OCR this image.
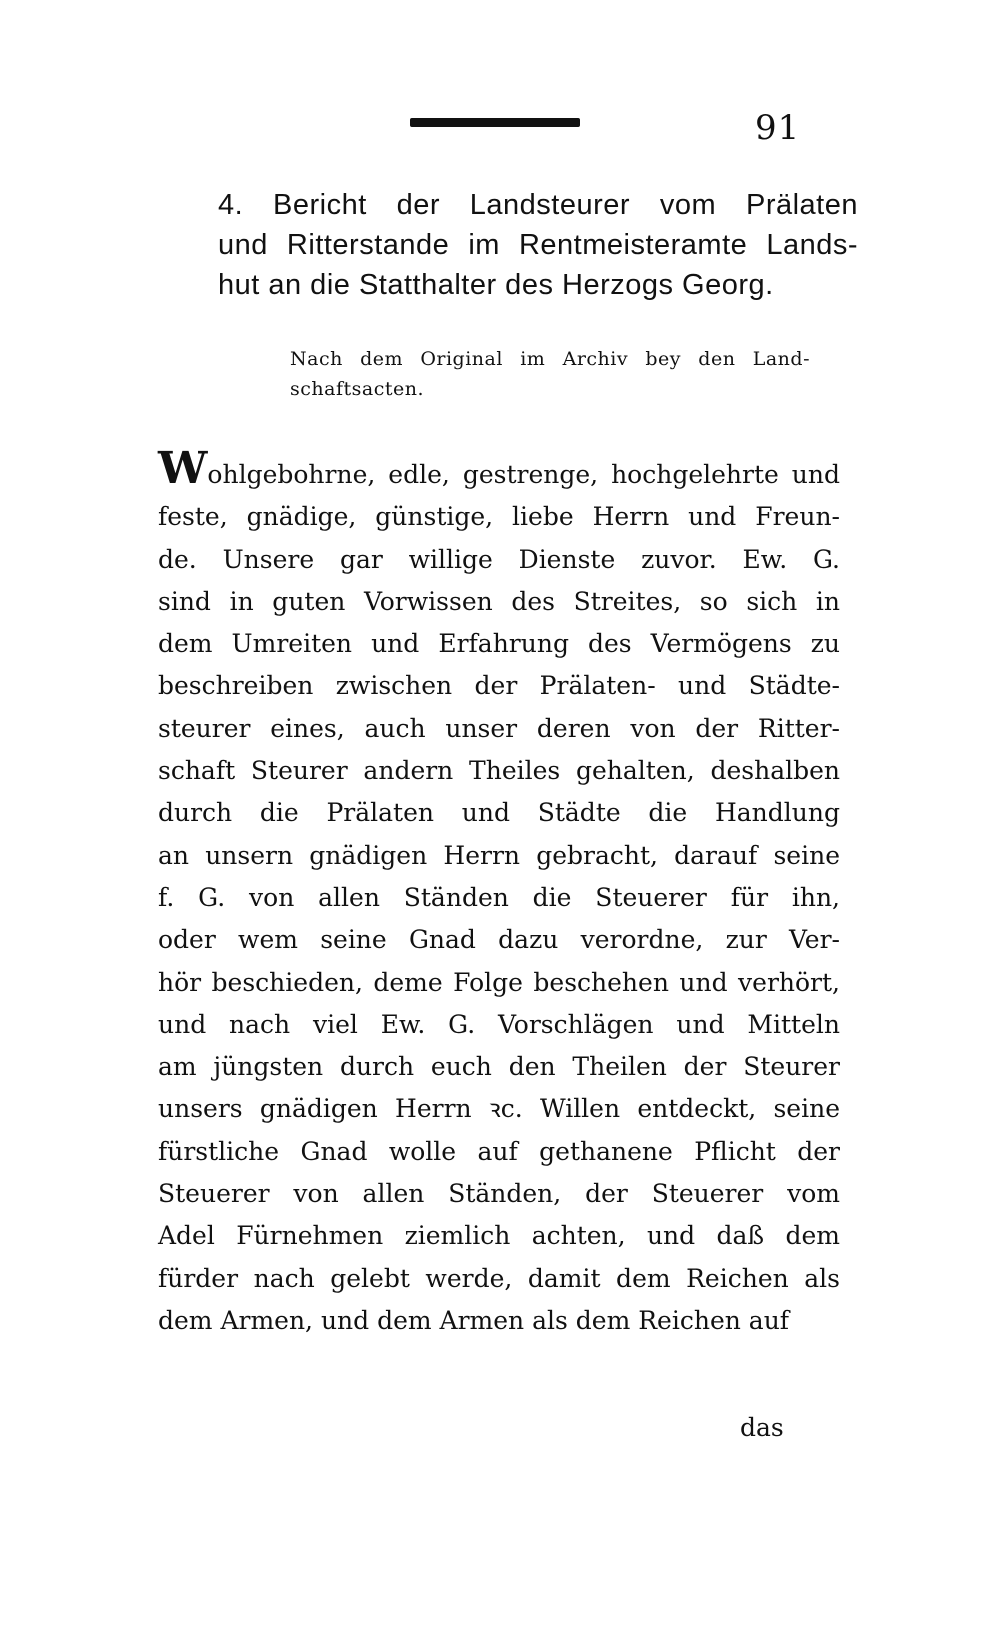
91
4. Bericht der Landsteurer vom Prälaten
und Ritterstande im Rentmeisteramte Lands-
hut an die Statthalter des Herzogs Georg.
Nach dem Original im Archiv bey den Land-
schaftsacten.
Wohlgebohrne, edle, gestrenge, hochgelehrte und
feste, gnädige, günstige, liebe Herrn und Freun-
de. Unsere gar willige Dienste zuvor. Ew. G.
sind in guten Vorwissen des Streites, so sich in
dem Umreiten und Erfahrung des Vermögens zu
beschreiben zwischen der Prälaten- und Städte-
steurer eines, auch unser deren von der Ritter-
schaft Steurer andern Theiles gehalten, deshalben
durch die Prälaten und Städte die Handlung
an unsern gnädigen Herrn gebracht, darauf seine
f. G. von allen Ständen die Steuerer für ihn,
oder wem seine Gnad dazu verordne, zur Ver-
hör beschieden, deme Folge beschehen und verhört,
und nach viel Ew. G. Vorschlägen und Mitteln
am jüngsten durch euch den Theilen der Steurer
unsers gnädigen Herrn ꝛc. Willen entdeckt, seine
fürstliche Gnad wolle auf gethanene Pflicht der
Steuerer von allen Ständen, der Steuerer vom
Adel Fürnehmen ziemlich achten, und daß dem
fürder nach gelebt werde, damit dem Reichen als
dem Armen, und dem Armen als dem Reichen auf
das
